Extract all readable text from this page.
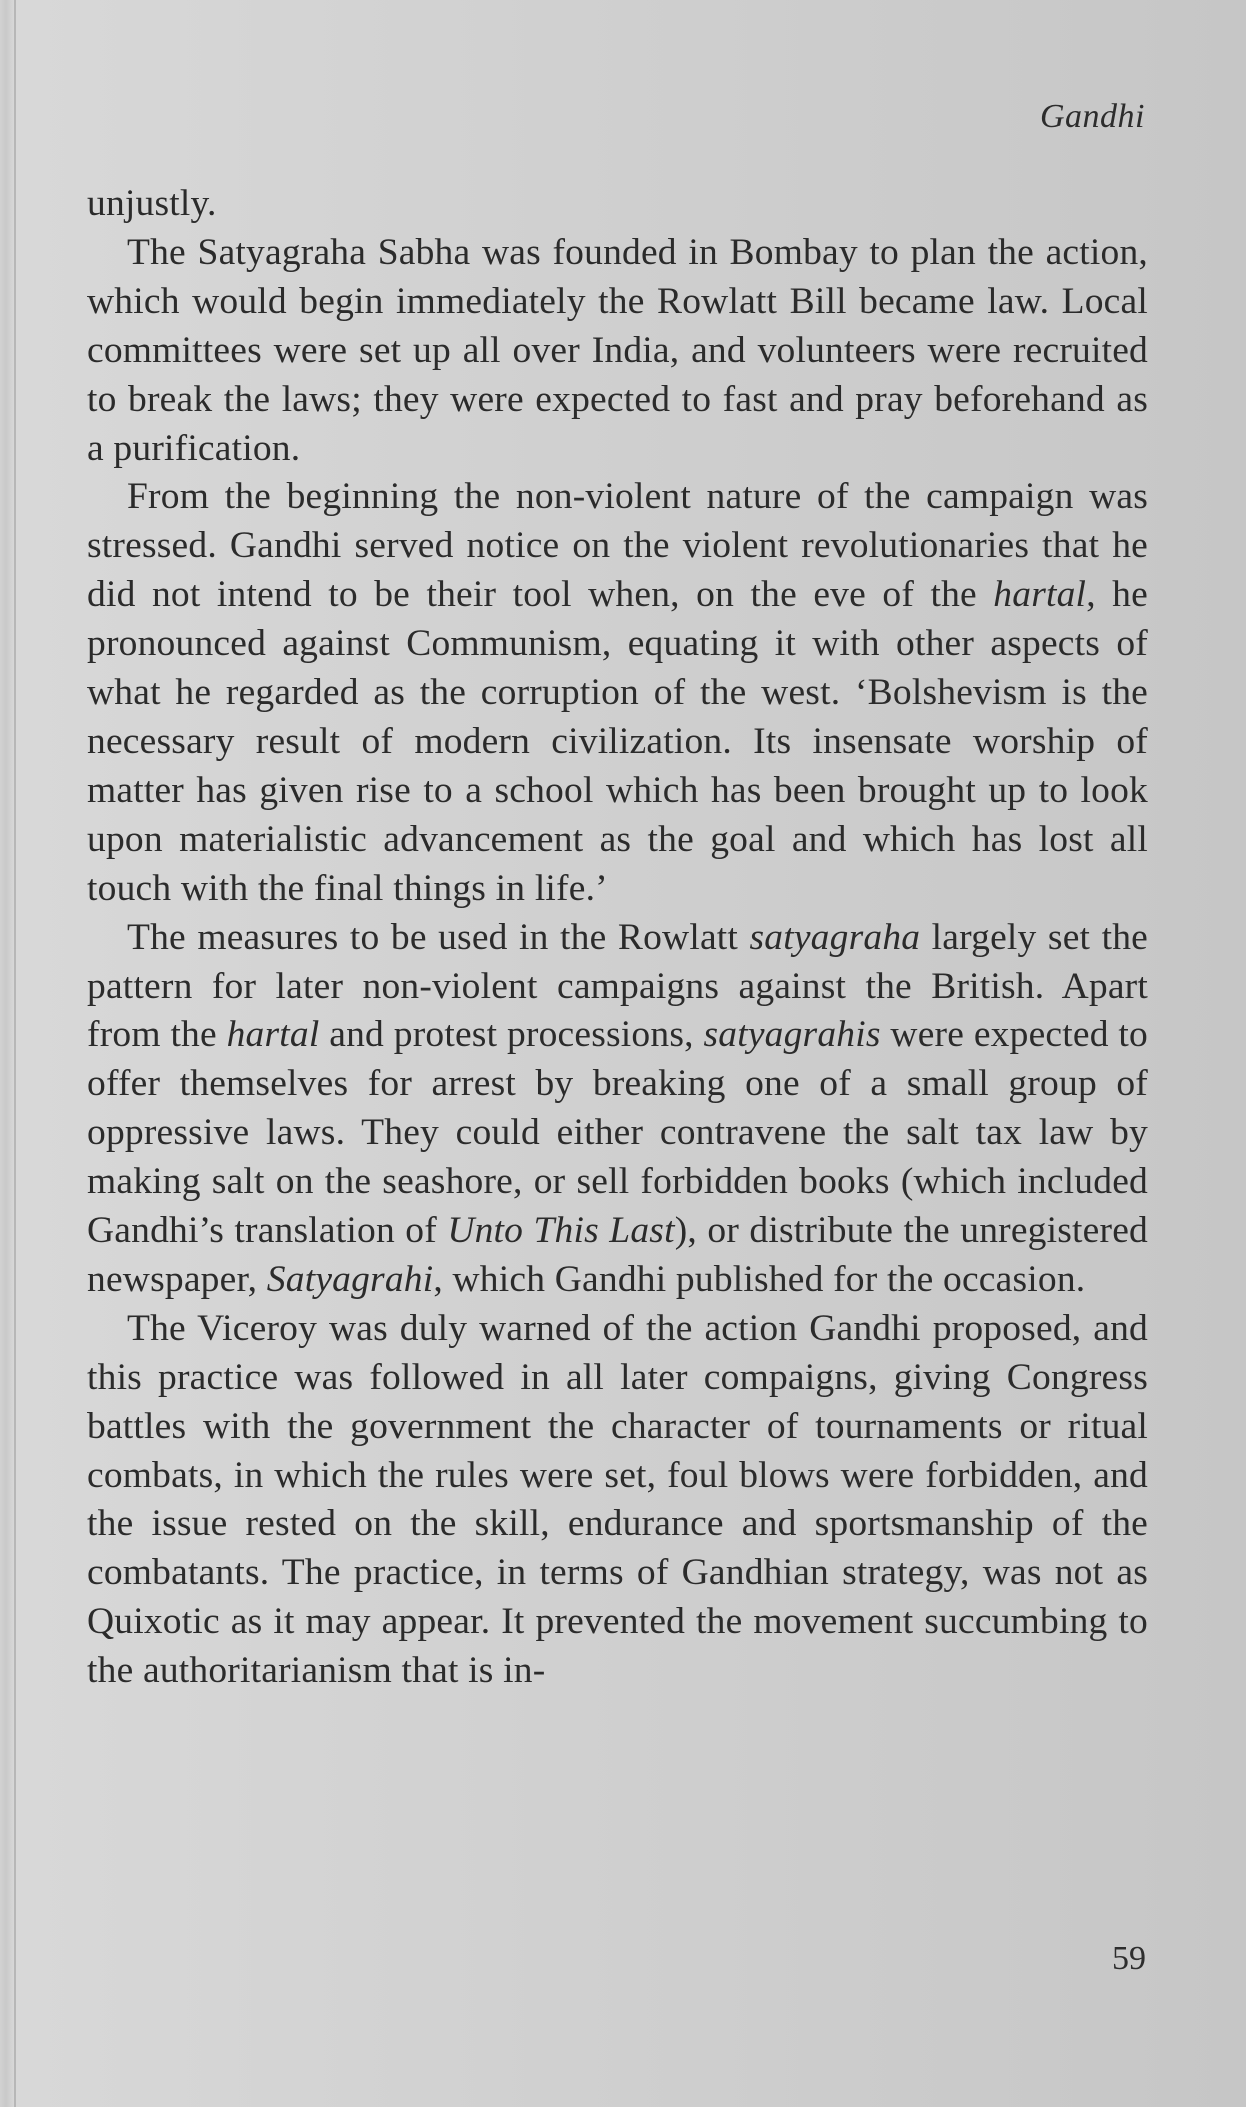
Gandhi

unjustly.

The Satyagraha Sabha was founded in Bombay to plan the action, which would begin immediately the Rowlatt Bill became law. Local committees were set up all over India, and volunteers were recruited to break the laws; they were expected to fast and pray beforehand as a purification.

From the beginning the non-violent nature of the campaign was stressed. Gandhi served notice on the violent revolutionaries that he did not intend to be their tool when, on the eve of the hartal, he pronounced against Communism, equating it with other aspects of what he regarded as the corruption of the west. ‘Bolshevism is the necessary result of modern civilization. Its insensate worship of matter has given rise to a school which has been brought up to look upon materialistic advancement as the goal and which has lost all touch with the final things in life.’

The measures to be used in the Rowlatt satyagraha largely set the pattern for later non-violent campaigns against the British. Apart from the hartal and protest processions, satyagrahis were expected to offer themselves for arrest by breaking one of a small group of oppressive laws. They could either contravene the salt tax law by making salt on the seashore, or sell forbidden books (which included Gandhi’s translation of Unto This Last), or distribute the unregistered newspaper, Satyagrahi, which Gandhi published for the occasion.

The Viceroy was duly warned of the action Gandhi proposed, and this practice was followed in all later compaigns, giving Congress battles with the government the character of tournaments or ritual combats, in which the rules were set, foul blows were forbidden, and the issue rested on the skill, endurance and sportsmanship of the combatants. The practice, in terms of Gandhian strategy, was not as Quixotic as it may appear. It prevented the movement succumbing to the authoritarianism that is in-

59
